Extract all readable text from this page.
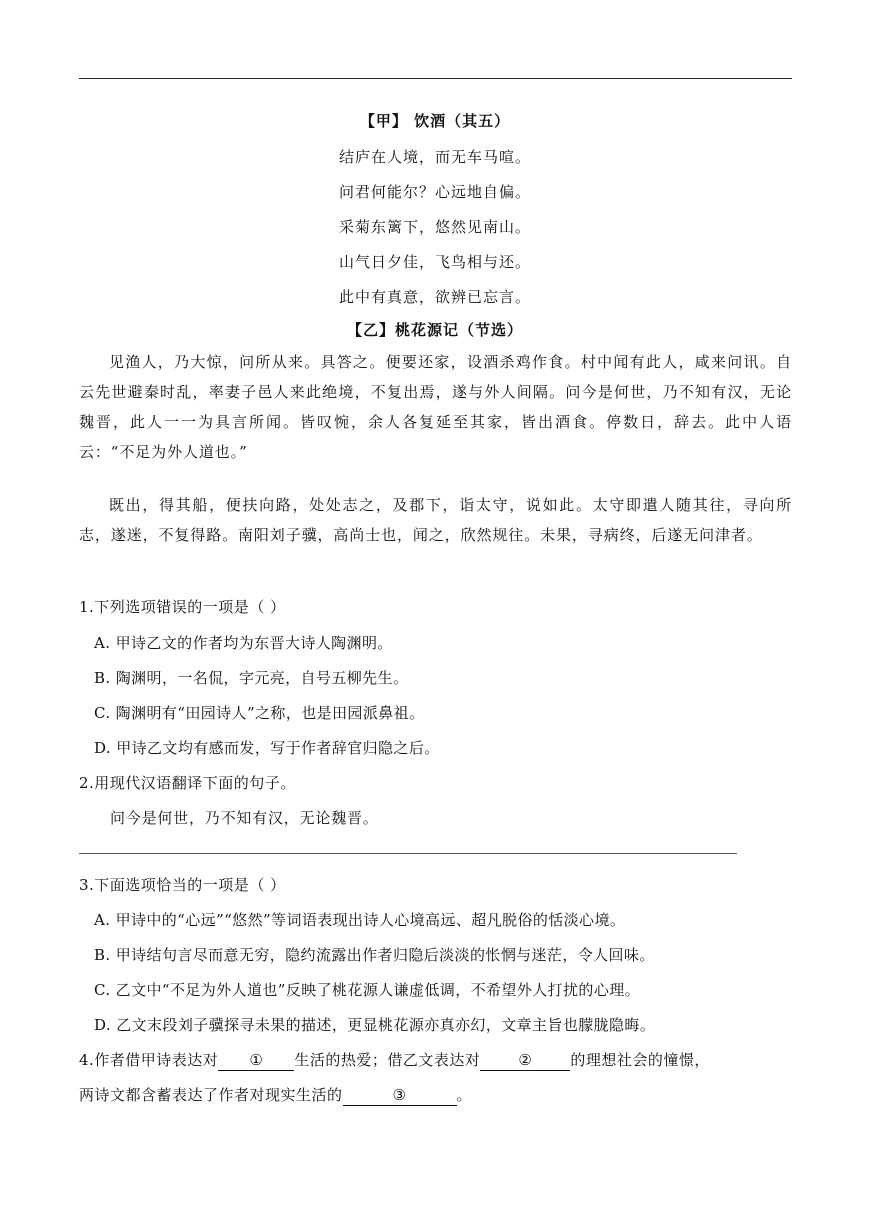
【甲】 饮酒（其五）
结庐在人境，而无车马喧。
问君何能尔？心远地自偏。
采菊东篱下，悠然见南山。
山气日夕佳，飞鸟相与还。
此中有真意，欲辨已忘言。
【乙】桃花源记（节选）

见渔人，乃大惊，问所从来。具答之。便要还家，设酒杀鸡作食。村中闻有此人，咸来问讯。自云先世避秦时乱，率妻子邑人来此绝境，不复出焉，遂与外人间隔。问今是何世，乃不知有汉，无论魏晋，此人一一为具言所闻。皆叹惋，余人各复延至其家，皆出酒食。停数日，辞去。此中人语云：“不足为外人道也。”

既出，得其船，便扶向路，处处志之，及郡下，诣太守，说如此。太守即遣人随其往，寻向所志，遂迷，不复得路。南阳刘子骥，高尚士也，闻之，欣然规往。未果，寻病终，后遂无问津者。

1.下列选项错误的一项是（ ）
A. 甲诗乙文的作者均为东晋大诗人陶渊明。
B. 陶渊明，一名侃，字元亮，自号五柳先生。
C. 陶渊明有“田园诗人”之称，也是田园派鼻祖。
D. 甲诗乙文均有感而发，写于作者辞官归隐之后。
2.用现代汉语翻译下面的句子。
问今是何世，乃不知有汉，无论魏晋。
3.下面选项恰当的一项是（ ）
A. 甲诗中的“心远”“悠然”等词语表现出诗人心境高远、超凡脱俗的恬淡心境。
B. 甲诗结句言尽而意无穷，隐约流露出作者归隐后淡淡的怅惘与迷茫，令人回味。
C. 乙文中“不足为外人道也”反映了桃花源人谦虚低调，不希望外人打扰的心理。
D. 乙文末段刘子骥探寻未果的描述，更显桃花源亦真亦幻，文章主旨也朦胧隐晦。
4.作者借甲诗表达对 ① 生活的热爱；借乙文表达对	②	的理想社会的憧憬，
两诗文都含蓄表达了作者对现实生活的	③	。
